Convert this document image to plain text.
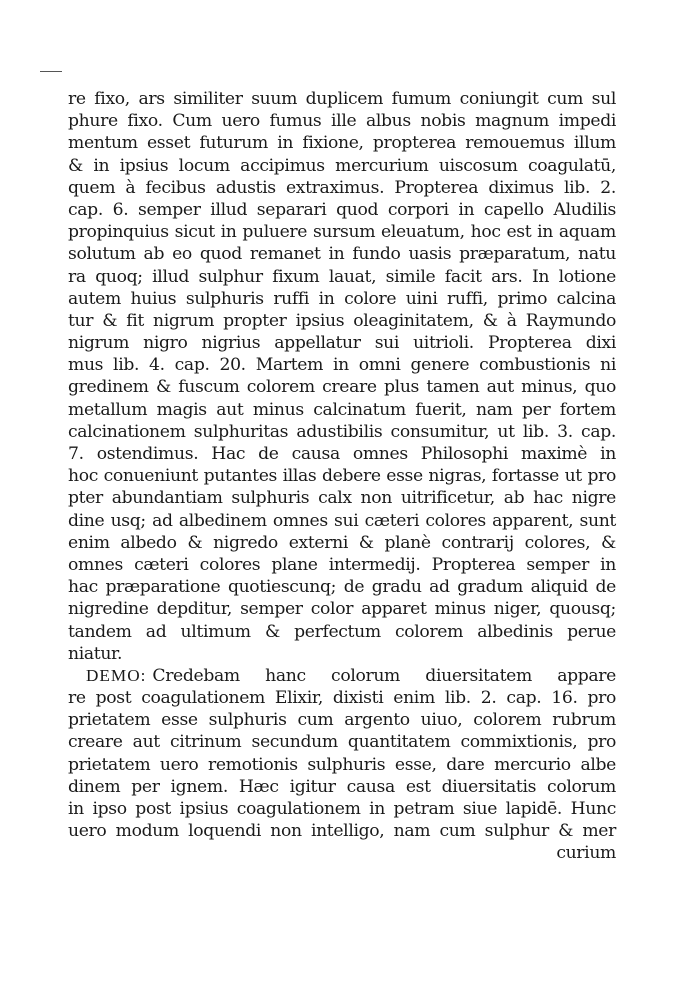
re fixo, ars similiter suum duplicem fumum coniungit cum sul
phure fixo. Cum uero fumus ille albus nobis magnum impedi
mentum esset futurum in fixione, propterea remouemus illum
& in ipsius locum accipimus mercurium uiscosum coagulatū,
quem à fecibus adustis extraximus. Propterea diximus lib. 2.
cap. 6. semper illud separari quod corpori in capello Aludilis
propinquius sicut in puluere sursum eleuatum, hoc est in aquam
solutum ab eo quod remanet in fundo uasis præparatum, natu
ra quoq; illud sulphur fixum lauat, simile facit ars. In lotione
autem huius sulphuris ruffi in colore uini ruffi, primo calcina
tur & fit nigrum propter ipsius oleaginitatem, & à Raymundo
nigrum nigro nigrius appellatur sui uitrioli. Propterea dixi
mus lib. 4. cap. 20. Martem in omni genere combustionis ni
gredinem & fuscum colorem creare plus tamen aut minus, quo
metallum magis aut minus calcinatum fuerit, nam per fortem
calcinationem sulphuritas adustibilis consumitur, ut lib. 3. cap.
7. ostendimus. Hac de causa omnes Philosophi maximè in
hoc conueniunt putantes illas debere esse nigras, fortasse ut pro
pter abundantiam sulphuris calx non uitrificetur, ab hac nigre
dine usq; ad albedinem omnes sui cæteri colores apparent, sunt
enim albedo & nigredo externi & planè contrarij colores, &
omnes cæteri colores plane intermedij. Propterea semper in
hac præparatione quotiescunq; de gradu ad gradum aliquid de
nigredine depditur, semper color apparet minus niger, quousq;
tandem ad ultimum & perfectum colorem albedinis perue
niatur.
DEMO: Credebam hanc colorum diuersitatem appare
re post coagulationem Elixir, dixisti enim lib. 2. cap. 16. pro
prietatem esse sulphuris cum argento uiuo, colorem rubrum
creare aut citrinum secundum quantitatem commixtionis, pro
prietatem uero remotionis sulphuris esse, dare mercurio albe
dinem per ignem. Hæc igitur causa est diuersitatis colorum
in ipso post ipsius coagulationem in petram siue lapidē. Hunc
uero modum loquendi non intelligo, nam cum sulphur & mer
curium
